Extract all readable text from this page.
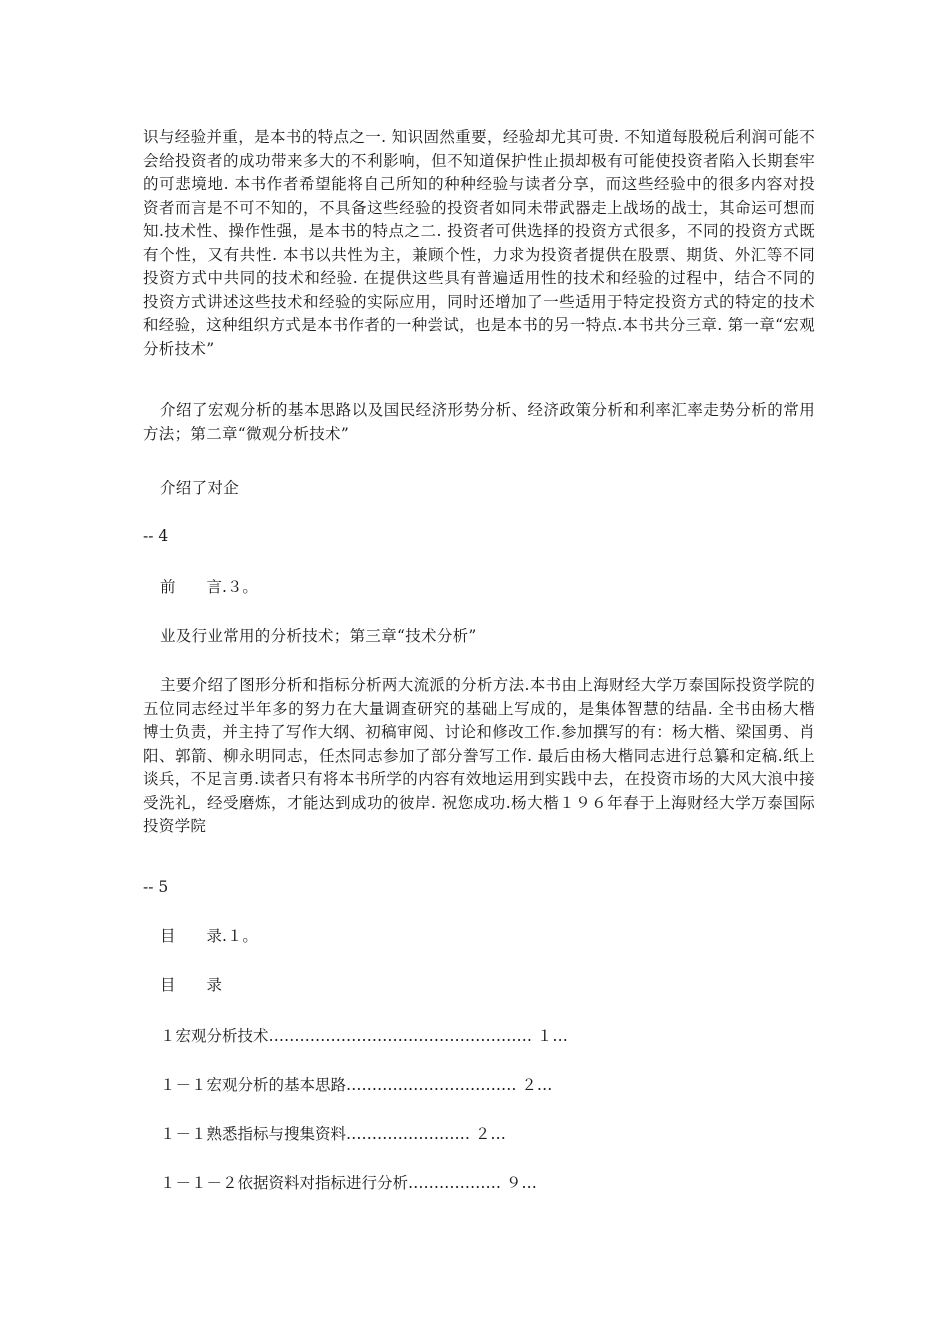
识与经验并重，是本书的特点之一. 知识固然重要，经验却尤其可贵. 不知道每股税后利润可能不会给投资者的成功带来多大的不利影响，但不知道保护性止损却极有可能使投资者陷入长期套牢的可悲境地. 本书作者希望能将自己所知的种种经验与读者分享，而这些经验中的很多内容对投资者而言是不可不知的，不具备这些经验的投资者如同未带武器走上战场的战士，其命运可想而知.技术性、操作性强，是本书的特点之二. 投资者可供选择的投资方式很多，不同的投资方式既有个性，又有共性. 本书以共性为主，兼顾个性，力求为投资者提供在股票、期货、外汇等不同投资方式中共同的技术和经验. 在提供这些具有普遍适用性的技术和经验的过程中，结合不同的投资方式讲述这些技术和经验的实际应用，同时还增加了一些适用于特定投资方式的特定的技术和经验，这种组织方式是本书作者的一种尝试，也是本书的另一特点.本书共分三章. 第一章“宏观分析技术”

介绍了宏观分析的基本思路以及国民经济形势分析、经济政策分析和利率汇率走势分析的常用方法；第二章“微观分析技术”

介绍了对企

-- 4

前　　言.３。

业及行业常用的分析技术；第三章“技术分析”

主要介绍了图形分析和指标分析两大流派的分析方法.本书由上海财经大学万泰国际投资学院的五位同志经过半年多的努力在大量调查研究的基础上写成的，是集体智慧的结晶. 全书由杨大楷博士负责，并主持了写作大纲、初稿审阅、讨论和修改工作.参加撰写的有：杨大楷、梁国勇、肖阳、郭箭、柳永明同志，任杰同志参加了部分誊写工作. 最后由杨大楷同志进行总纂和定稿.纸上谈兵，不足言勇.读者只有将本书所学的内容有效地运用到实践中去，在投资市场的大风大浪中接受洗礼，经受磨炼，才能达到成功的彼岸. 祝您成功.杨大楷１９６年春于上海财经大学万泰国际投资学院

-- 5

目　　录.１。

目　　录

１宏观分析技术…………………………………………… １…

１－１宏观分析的基本思路…………………………… ２…

１－１熟悉指标与搜集资料…………………… ２…

１－１－２依据资料对指标进行分析……………… ９…
